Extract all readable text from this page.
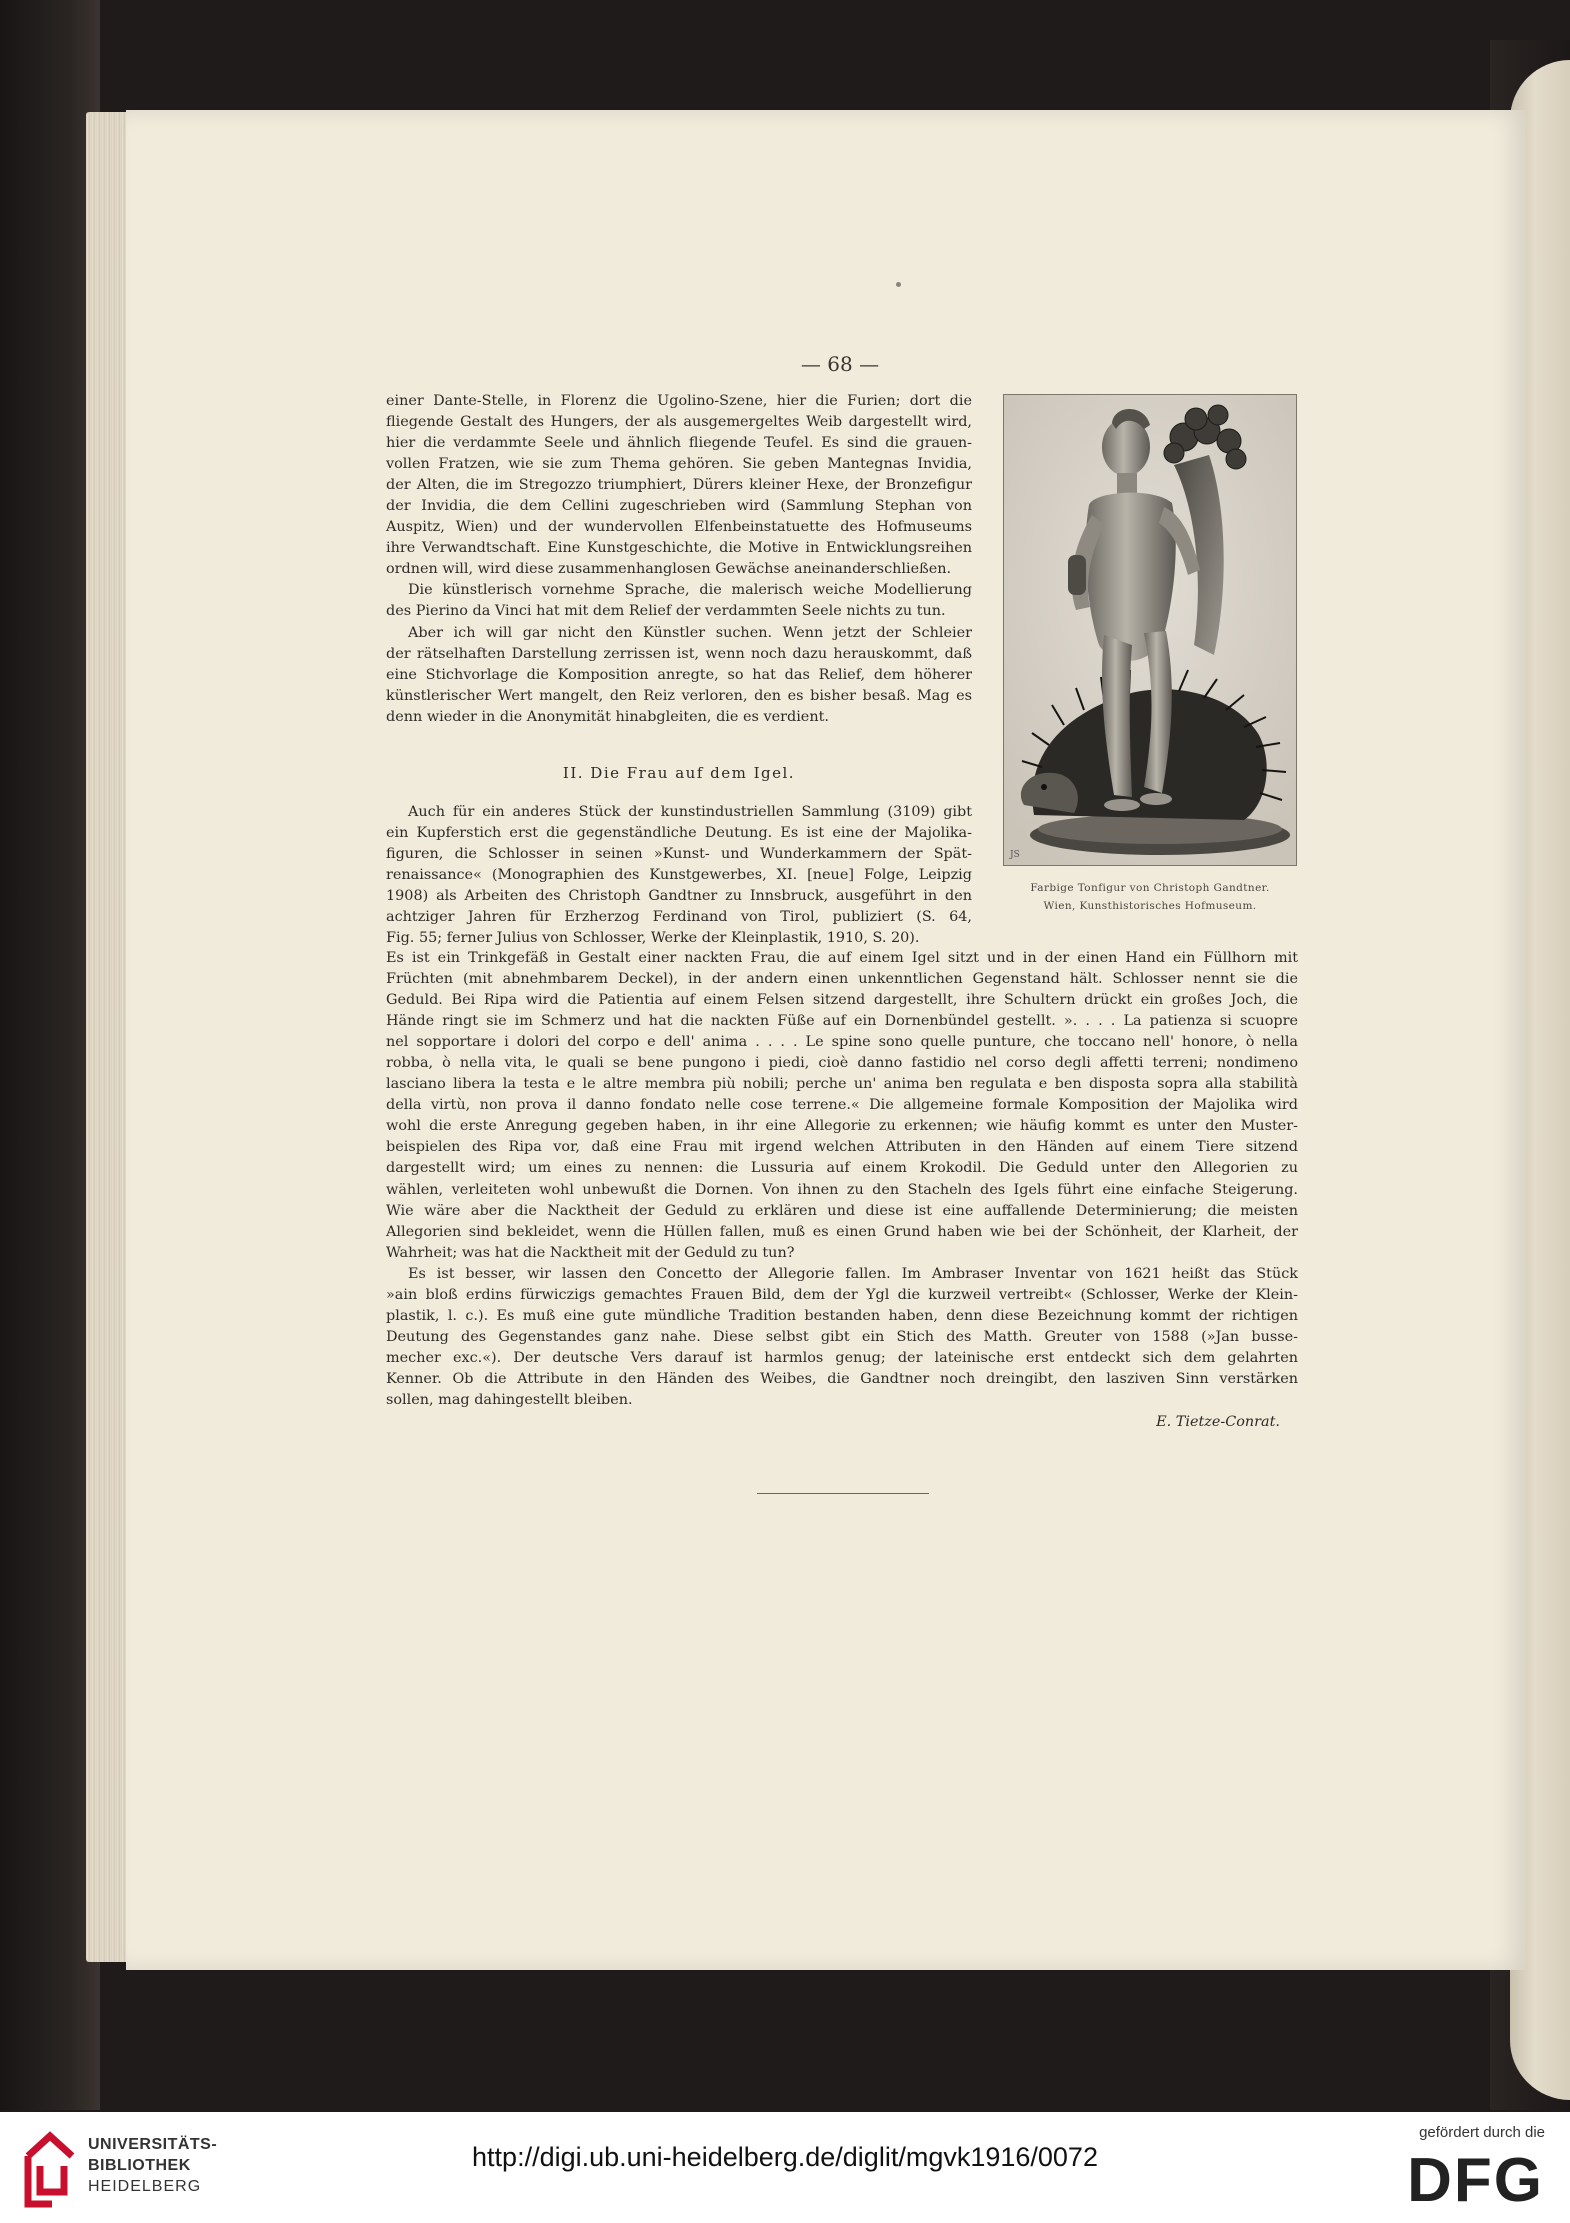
— 68 —

einer Dante-Stelle, in Florenz die Ugolino-Szene, hier die Furien; dort die
fliegende Gestalt des Hungers, der als ausgemergeltes Weib dargestellt wird,
hier die verdammte Seele und ähnlich fliegende Teufel. Es sind die grauen-
vollen Fratzen, wie sie zum Thema gehören. Sie geben Mantegnas Invidia,
der Alten, die im Stregozzo triumphiert, Dürers kleiner Hexe, der Bronzefigur
der Invidia, die dem Cellini zugeschrieben wird (Sammlung Stephan von
Auspitz, Wien) und der wundervollen Elfenbeinstatuette des Hofmuseums
ihre Verwandtschaft. Eine Kunstgeschichte, die Motive in Entwicklungsreihen
ordnen will, wird diese zusammenhanglosen Gewächse aneinanderschließen.
Die künstlerisch vornehme Sprache, die malerisch weiche Modellierung
des Pierino da Vinci hat mit dem Relief der verdammten Seele nichts zu tun.
Aber ich will gar nicht den Künstler suchen. Wenn jetzt der Schleier
der rätselhaften Darstellung zerrissen ist, wenn noch dazu herauskommt, daß
eine Stichvorlage die Komposition anregte, so hat das Relief, dem höherer
künstlerischer Wert mangelt, den Reiz verloren, den es bisher besaß. Mag es
denn wieder in die Anonymität hinabgleiten, die es verdient.

II. Die Frau auf dem Igel.

Auch für ein anderes Stück der kunstindustriellen Sammlung (3109) gibt
ein Kupferstich erst die gegenständliche Deutung. Es ist eine der Majolika-
figuren, die Schlosser in seinen »Kunst- und Wunderkammern der Spät-
renaissance« (Monographien des Kunstgewerbes, XI. [neue] Folge, Leipzig
1908) als Arbeiten des Christoph Gandtner zu Innsbruck, ausgeführt in den
achtziger Jahren für Erzherzog Ferdinand von Tirol, publiziert (S. 64,
Fig. 55; ferner Julius von Schlosser, Werke der Kleinplastik, 1910, S. 20).
Es ist ein Trinkgefäß in Gestalt einer nackten Frau, die auf einem Igel sitzt und in der einen Hand ein Füllhorn mit
Früchten (mit abnehmbarem Deckel), in der andern einen unkenntlichen Gegenstand hält. Schlosser nennt sie die
Geduld. Bei Ripa wird die Patientia auf einem Felsen sitzend dargestellt, ihre Schultern drückt ein großes Joch, die
Hände ringt sie im Schmerz und hat die nackten Füße auf ein Dornenbündel gestellt. ». . . . La patienza si scuopre
nel sopportare i dolori del corpo e dell' anima . . . . Le spine sono quelle punture, che toccano nell' honore, ò nella
robba, ò nella vita, le quali se bene pungono i piedi, cioè danno fastidio nel corso degli affetti terreni; nondimeno
lasciano libera la testa e le altre membra più nobili; perche un' anima ben regulata e ben disposta sopra alla stabilità
della virtù, non prova il danno fondato nelle cose terrene.« Die allgemeine formale Komposition der Majolika wird
wohl die erste Anregung gegeben haben, in ihr eine Allegorie zu erkennen; wie häufig kommt es unter den Muster-
beispielen des Ripa vor, daß eine Frau mit irgend welchen Attributen in den Händen auf einem Tiere sitzend
dargestellt wird; um eines zu nennen: die Lussuria auf einem Krokodil. Die Geduld unter den Allegorien zu
wählen, verleiteten wohl unbewußt die Dornen. Von ihnen zu den Stacheln des Igels führt eine einfache Steigerung.
Wie wäre aber die Nacktheit der Geduld zu erklären und diese ist eine auffallende Determinierung; die meisten
Allegorien sind bekleidet, wenn die Hüllen fallen, muß es einen Grund haben wie bei der Schönheit, der Klarheit, der
Wahrheit; was hat die Nacktheit mit der Geduld zu tun?
Es ist besser, wir lassen den Concetto der Allegorie fallen. Im Ambraser Inventar von 1621 heißt das Stück
»ain bloß erdins fürwiczigs gemachtes Frauen Bild, dem der Ygl die kurzweil vertreibt« (Schlosser, Werke der Klein-
plastik, l. c.). Es muß eine gute mündliche Tradition bestanden haben, denn diese Bezeichnung kommt der richtigen
Deutung des Gegenstandes ganz nahe. Diese selbst gibt ein Stich des Matth. Greuter von 1588 (»Jan busse-
mecher exc.«). Der deutsche Vers darauf ist harmlos genug; der lateinische erst entdeckt sich dem gelahrten
Kenner. Ob die Attribute in den Händen des Weibes, die Gandtner noch dreingibt, den lasziven Sinn verstärken
sollen, mag dahingestellt bleiben.

E. Tietze-Conrat.

JS

Farbige Tonfigur von Christoph Gandtner.

Wien, Kunsthistorisches Hofmuseum.

UNIVERSITÄTS-
BIBLIOTHEK
HEIDELBERG
http://digi.ub.uni-heidelberg.de/diglit/mgvk1916/0072
gefördert durch die
DFG
